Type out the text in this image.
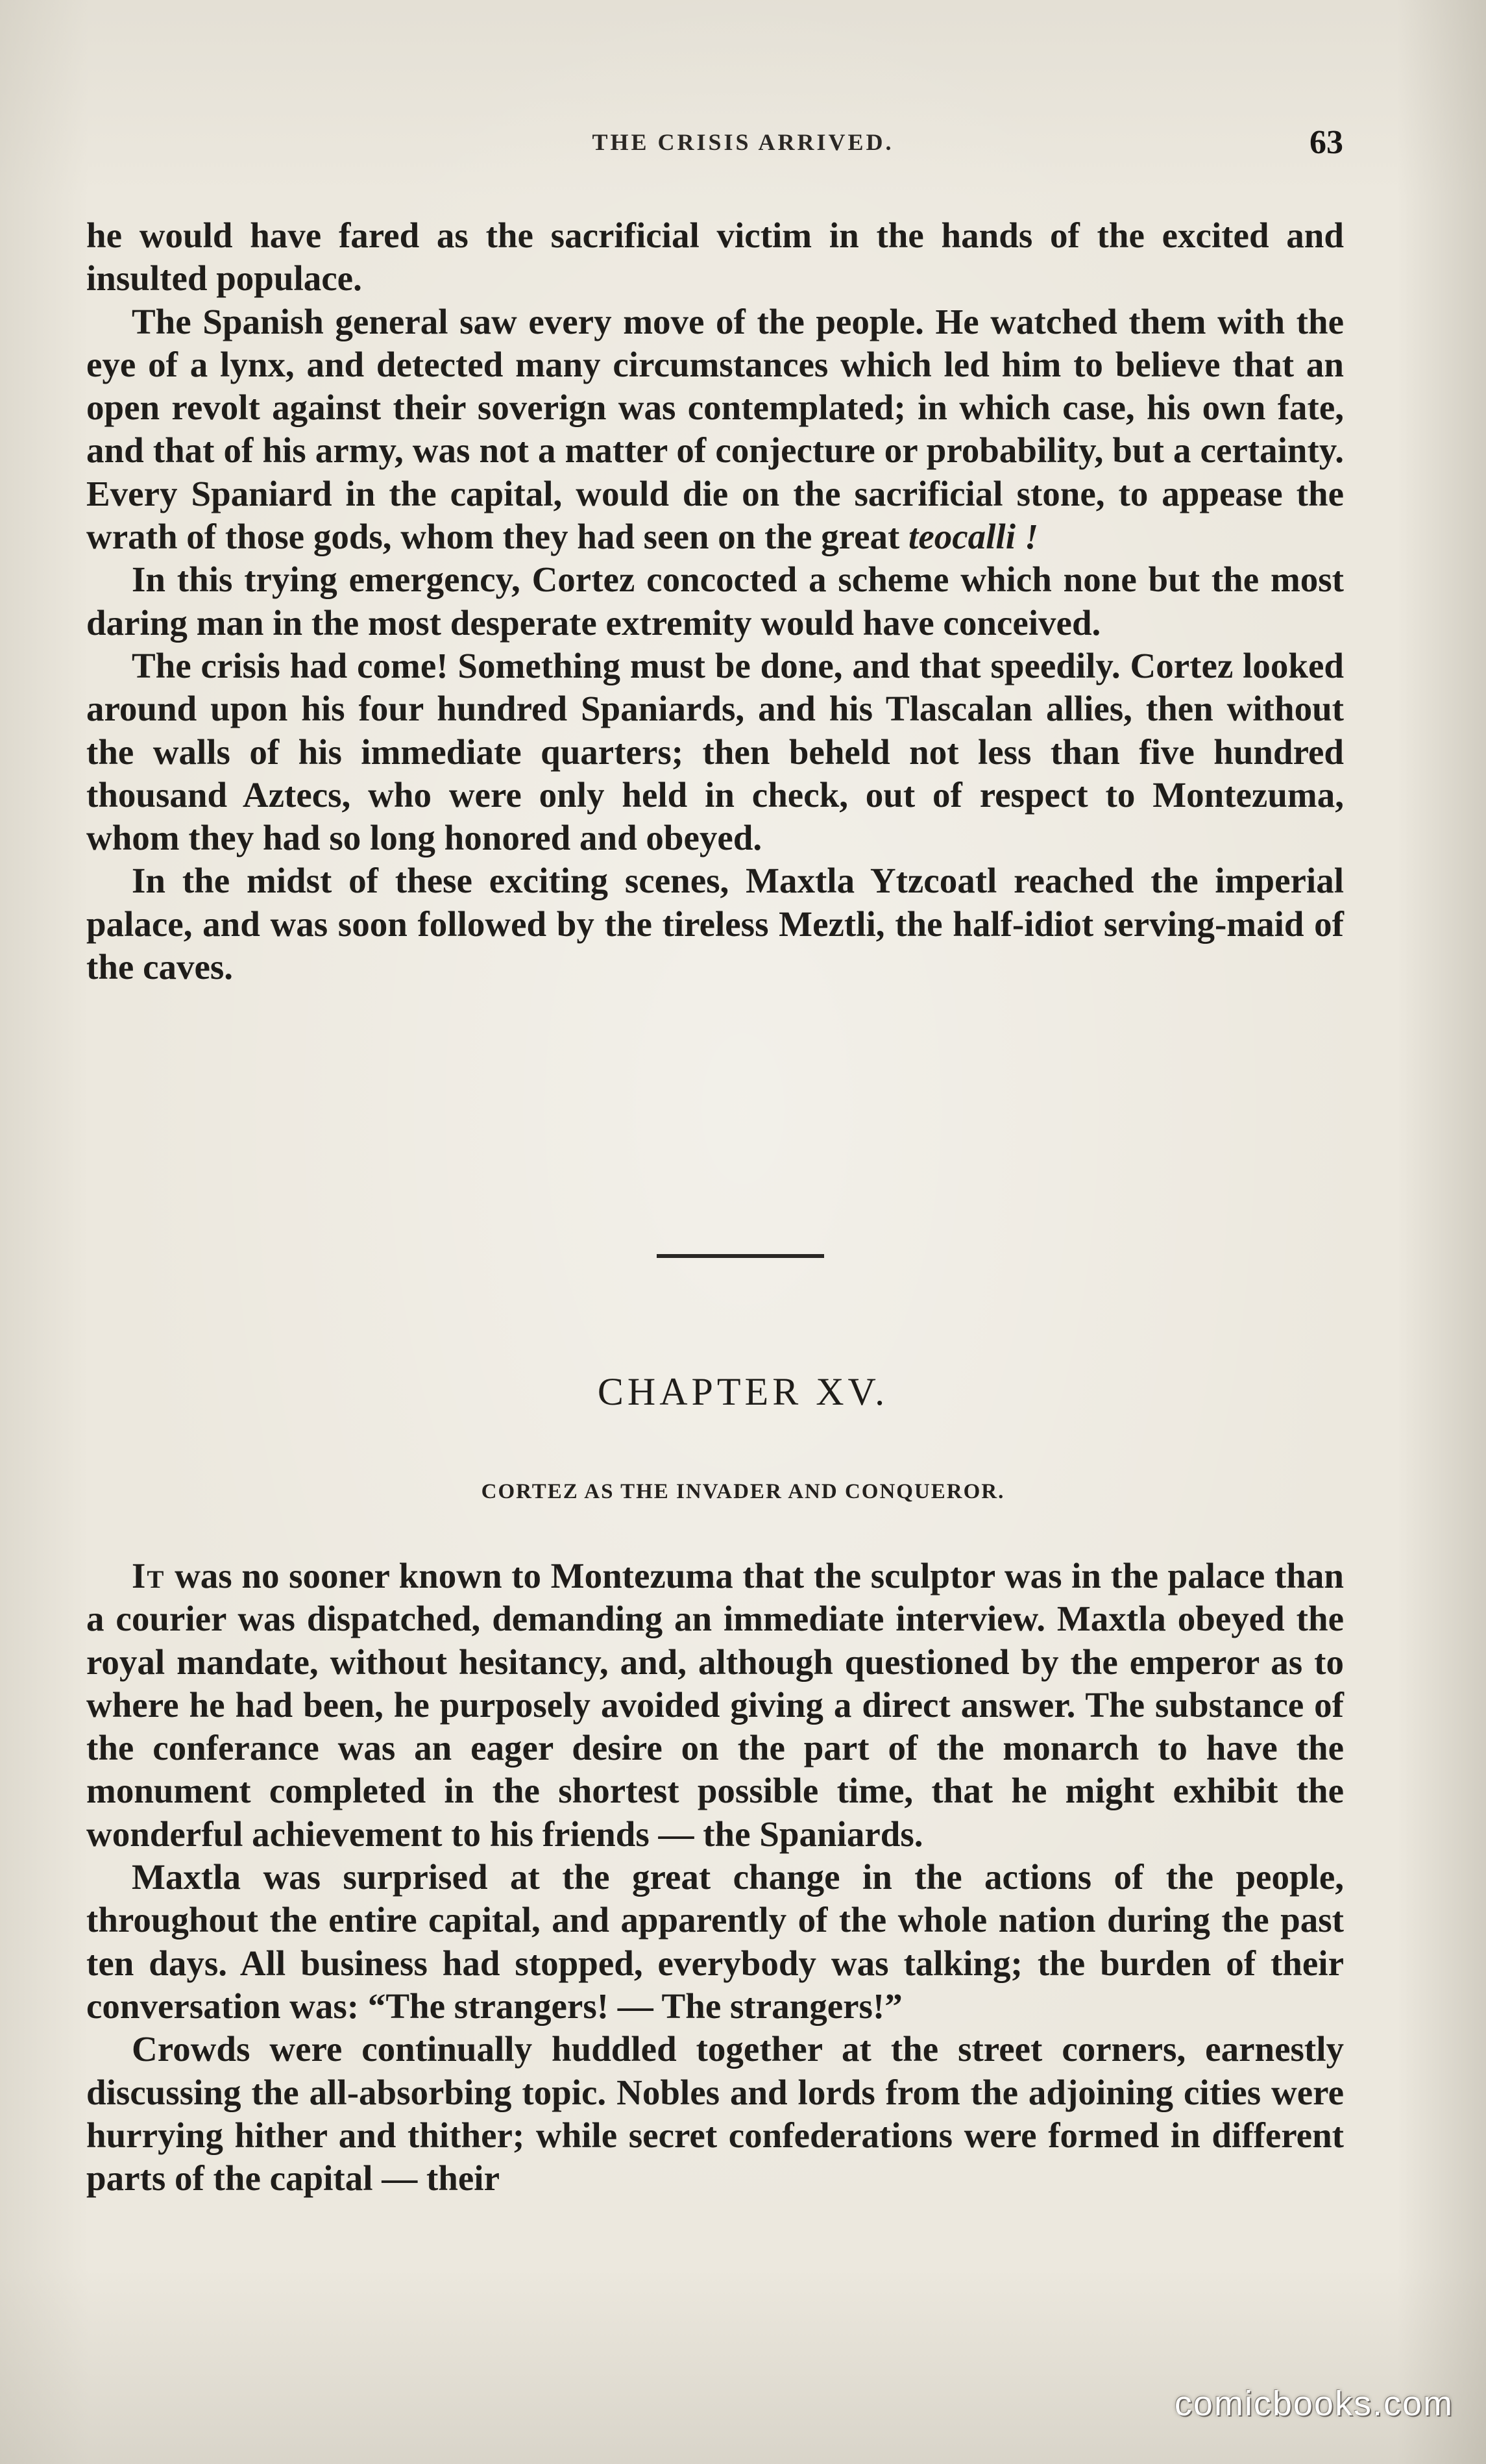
THE CRISIS ARRIVED.	63

he would have fared as the sacrificial victim in the hands of the excited and insulted populace.

The Spanish general saw every move of the people. He watched them with the eye of a lynx, and detected many circumstances which led him to believe that an open revolt against their soverign was contemplated; in which case, his own fate, and that of his army, was not a matter of conjecture or probability, but a certainty. Every Spaniard in the capital, would die on the sacrificial stone, to appease the wrath of those gods, whom they had seen on the great teocalli !

In this trying emergency, Cortez concocted a scheme which none but the most daring man in the most desperate extremity would have conceived.

The crisis had come! Something must be done, and that speedily. Cortez looked around upon his four hundred Spaniards, and his Tlascalan allies, then without the walls of his immediate quarters; then beheld not less than five hundred thousand Aztecs, who were only held in check, out of respect to Montezuma, whom they had so long honored and obeyed.

In the midst of these exciting scenes, Maxtla Ytzcoatl reached the imperial palace, and was soon followed by the tireless Meztli, the half-idiot serving-maid of the caves.

CHAPTER XV.
CORTEZ AS THE INVADER AND CONQUEROR.

It was no sooner known to Montezuma that the sculptor was in the palace than a courier was dispatched, demanding an immediate interview. Maxtla obeyed the royal mandate, without hesitancy, and, although questioned by the emperor as to where he had been, he purposely avoided giving a direct answer. The substance of the conferance was an eager desire on the part of the monarch to have the monument completed in the shortest possible time, that he might exhibit the wonderful achievement to his friends — the Spaniards.

Maxtla was surprised at the great change in the actions of the people, throughout the entire capital, and apparently of the whole nation during the past ten days. All business had stopped, everybody was talking; the burden of their conversation was: “The strangers! — The strangers!”

Crowds were continually huddled together at the street corners, earnestly discussing the all-absorbing topic. Nobles and lords from the adjoining cities were hurrying hither and thither; while secret confederations were formed in different parts of the capital — their

comicbooks.com
